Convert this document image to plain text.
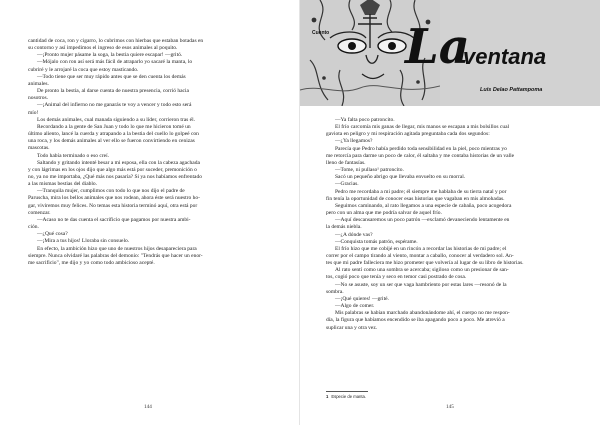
cantidad de coca, ron y cigarro, lo cubrimos con hierbas que estaban botadas en

su contorno y así impedimos el ingreso de esos animales al poquito.

—¡Pronto mujer pásame la soga, la bestia quiere escapar! —gritó.

—Mójalo con ron así será más fácil de atraparlo yo sacaré la manta, lo

cubriré y le arrojaré la coca que estoy masticando.

—Todo tiene que ser muy rápido antes que se den cuenta los demás

animales.

De pronto la bestia, al darse cuenta de nuestra presencia, corrió hacia

nosotros.

—¡Animal del infierno no me ganarás te voy a vencer y todo esto será

mío!

Los demás animales, cual manada siguiendo a su líder, corrieron tras él.

Recordando a la gente de San Juan y todo lo que me hicieron tomé un

último aliento, lancé la cuerda y atrapando a la bestia del cuello lo golpeé con

una roca, y los demás animales al ver ello se fueron convirtiendo en cenizas

mascotas.

Todo había terminado o eso creí.

Saltando y gritando intenté besar a mi esposa, ella con la cabeza agachada

y con lágrimas en los ojos dijo que algo más está por suceder, premonición o

no, ya no me importaba, ¿Qué más nos pasaría? Si ya nos habíamos enfrentado

a las mismas bestias del diablo.

—Tranquila mujer, cumplimos con todo lo que nos dijo el padre de

Paruscha, mira los bellos animales que nos rodean, ahora éste será nuestro ho-

gar, viviremos muy felices. No temas esta historia terminó aquí, otra está por

comenzar.

—Acaso no te das cuenta el sacrificio que pagamos por nuestra ambi-

ción.

—¿Qué cosa?

—¡Mira a tus hijos! Llorabа sin consuelo.

En efecto, la ambición hizo que uno de nuestros hijos desapareciera para

siempre. Nunca olvidaré las palabras del demonio: "Tendrás que hacer un enor-

me sacrificio", me dijo y yo como todo ambicioso acepté.

Cuento La
ventana
Luis Delao Pattampoma

—Ya falta poco patroncito.

El frío carcomía mis ganas de llegar, mis manos se escapan a mis bolsillos cual

gaviota en peligro y mi respiración agitada preguntaba cada dos segundos:

—¿Ya llegamos?

Parecía que Pedro había perdido toda sensibilidad en la piel, poco mientras yo

me retorcía para darme un poco de calor, él saltaba y me contaba historias de un valle

lleno de fantasías.

—Tome, ni pullaso¹ patroncito.

Sacó un pequeño abrigo que llevaba envuelto en su morral.

—Gracias.

Pedro me recordaba a mi padre; él siempre me hablaba de su tierra natal y por

fin tenía la oportunidad de conocer esas historias que vagaban en mis almohadas.

Seguimos caminando, al rato llegamos a una especie de cabaña, poco acogedora

pero con un alma que me podría salvar de aquel frío.

—Aquí descansaremos un poco patrón —exclamó devaneciendo lentamente en

la demás niebla.

—¿A dónde vas?

—Conquista tomás patrón, espérame.

El frío hizo que me cobijé en un rincón a recordar las historias de mi padre; el

correr por el campo tirando al viento, montar a caballo, conocer al verdadero sol. An-

tes que mi padre falleciera me hizo prometer que volvería al lugar de su libro de historias.

Al rato sentí como una sombra se acercaba; sigiloso como un presionar de san-

tos, cogió poco que tenía y seco en temor casi postrado de cosa.

—No se asuste, soy un ser que vaga hambriento por estas lares —resonó de la

sombra.

—¡Qué quieres! —grité.

—Algo de comer.

Mis palabras se habían marchado abandonándome ahí, el cuerpo no me respon-

día, la figura que habíamos encendido se iba apagando poco a poco. Me atrevió a

suplicar una y otra vez.

1 Especie de manta.
144	145
